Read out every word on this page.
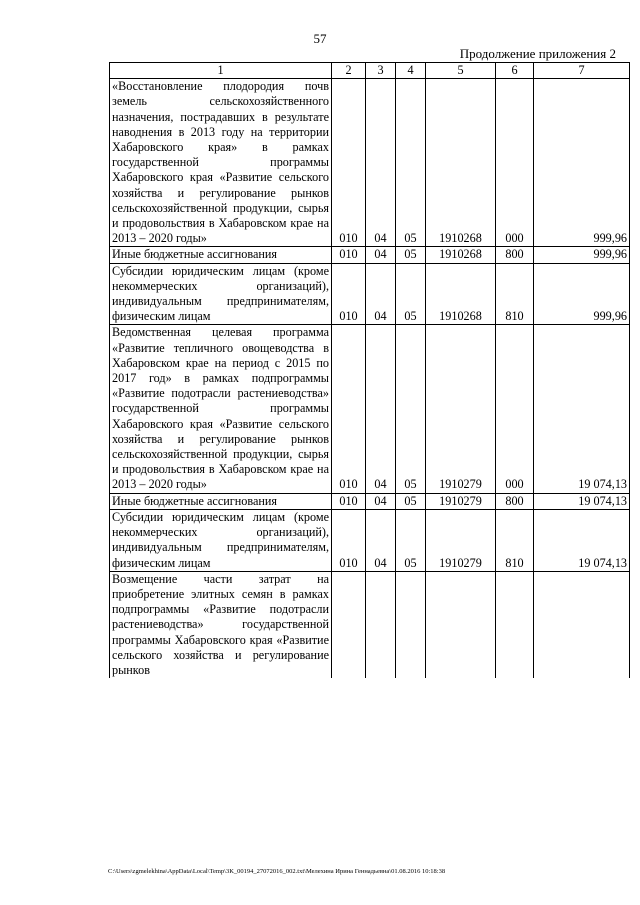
57
Продолжение приложения 2
1	2	3	4	5	6	7
«Восстановление плодородия почв земель сельскохозяйственного назначения, пострадавших в результате наводнения в 2013 году на территории Хабаровского края» в рамках государственной программы Хабаровского края «Развитие сельского хозяйства и регулирование рынков сельскохозяйственной продукции, сырья и продовольствия в Хабаровском крае на 2013 – 2020 годы»	010	04	05	1910268	000	999,96
Иные бюджетные ассигнования	010	04	05	1910268	800	999,96
Субсидии юридическим лицам (кроме некоммерческих организаций), индивидуальным предпринимателям, физическим лицам	010	04	05	1910268	810	999,96
Ведомственная целевая программа «Развитие тепличного овощеводства в Хабаровском крае на период с 2015 по 2017 год» в рамках подпрограммы «Развитие подотрасли растениеводства» государственной программы Хабаровского края «Развитие сельского хозяйства и регулирование рынков сельскохозяйственной продукции, сырья и продовольствия в Хабаровском крае на 2013 – 2020 годы»	010	04	05	1910279	000	19 074,13
Иные бюджетные ассигнования	010	04	05	1910279	800	19 074,13
Субсидии юридическим лицам (кроме некоммерческих организаций), индивидуальным предпринимателям, физическим лицам	010	04	05	1910279	810	19 074,13
Возмещение части затрат на приобретение элитных семян в рамках подпрограммы «Развитие подотрасли растениеводства» государственной программы Хабаровского края «Развитие сельского хозяйства и регулирование рынков						
C:\Users\zgmelekhina\AppData\Local\Temp\3K_00194_27072016_002.txt\Мелехина Ирина Геннадьевна\01.08.2016 10:18:38
